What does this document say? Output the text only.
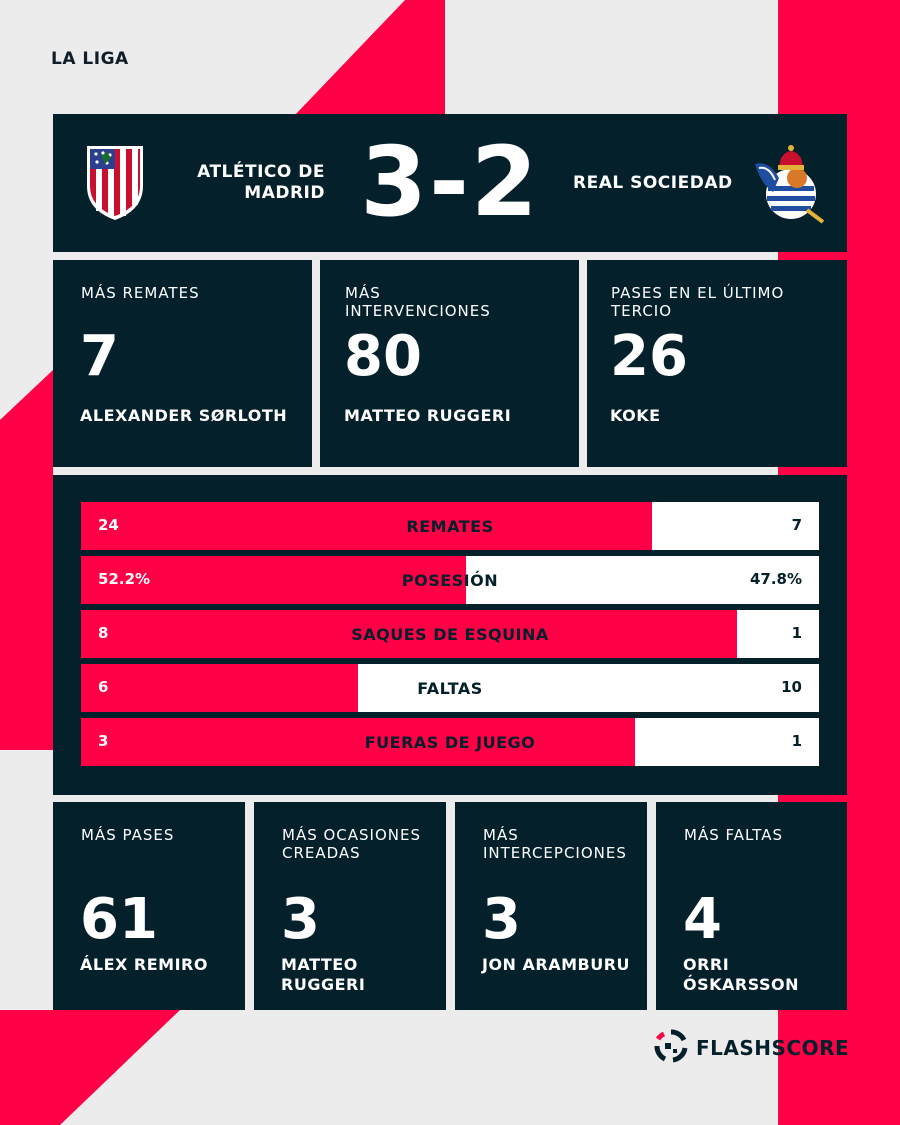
LA LIGA
ATLÉTICO DE
MADRID 3-2	REAL SOCIEDAD
MÁS REMATES
7
ALEXANDER SØRLOTH
MÁS
INTERVENCIONES
80
MATTEO RUGGERI
PASES EN EL ÚLTIMO
TERCIO
26
KOKE
24	REMATES	7
52.2%	POSESIÓN	47.8%
8	SAQUES DE ESQUINA	1
6	FALTAS	10
3	FUERAS DE JUEGO	1
MÁS PASES
61
ÁLEX REMIRO
MÁS OCASIONES
CREADAS
3
MATTEO
RUGGERI
MÁS
INTERCEPCIONES
3
JON ARAMBURU
MÁS FALTAS
4
ORRI
ÓSKARSSON
FLASHSCORE
